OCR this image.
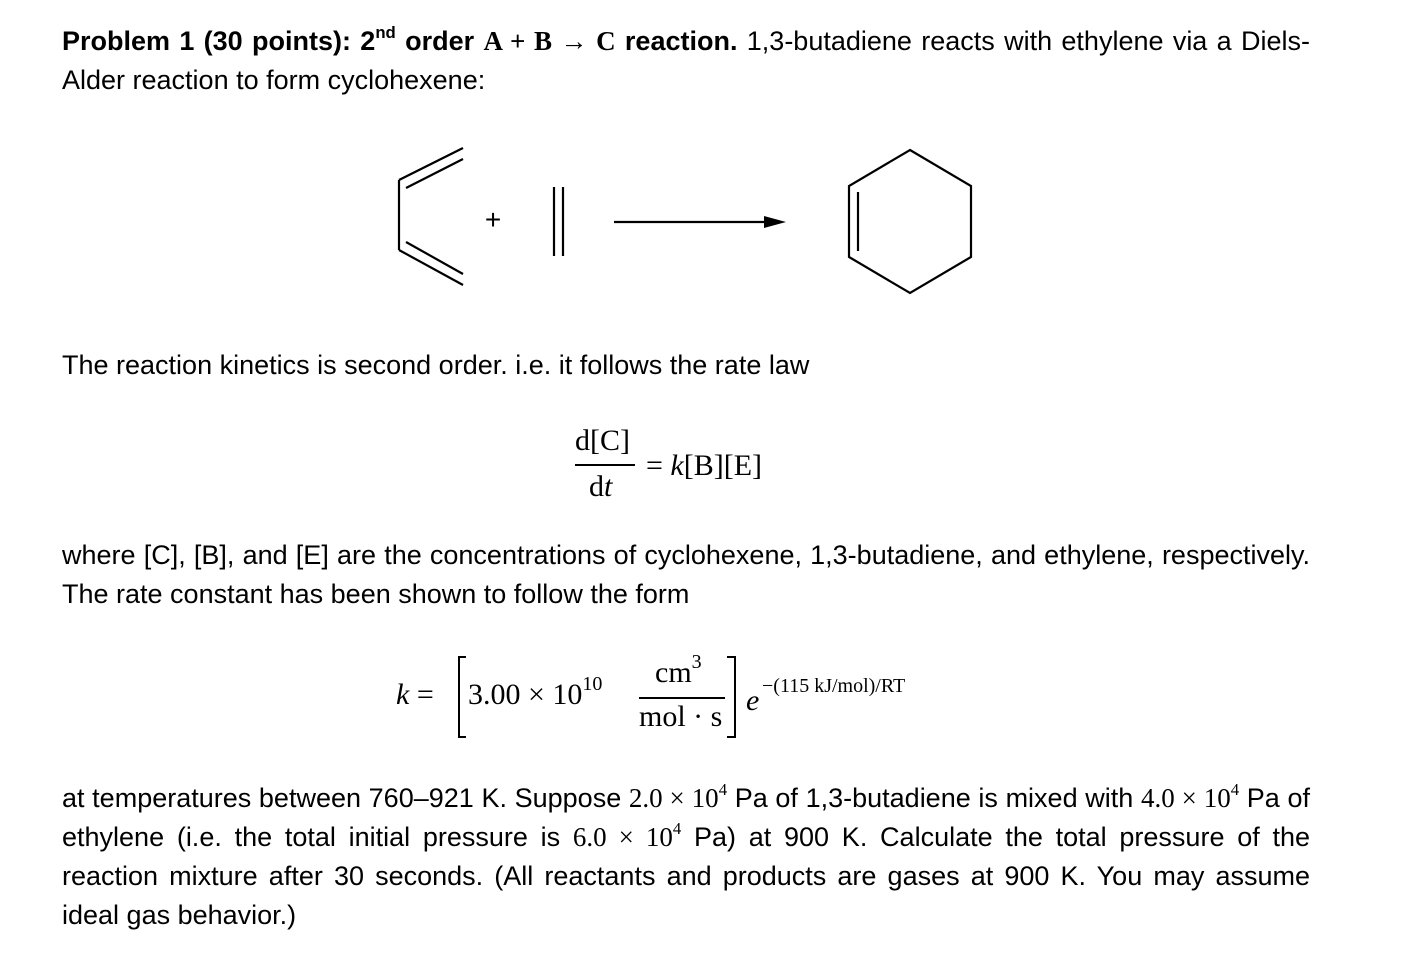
Problem 1 (30 points): 2nd order A + B → C reaction. 1,3-butadiene reacts with ethylene via a Diels-Alder reaction to form cyclohexene:
+
The reaction kinetics is second order. i.e. it follows the rate law
d[C]
dt
= k[B][E]
where [C], [B], and [E] are the concentrations of cyclohexene, 1,3-butadiene, and ethylene, respectively. The rate constant has been shown to follow the form
$k = 3.00 \times 10^{10}$ $cm^3$
mol · s e −(115 kJ/mol)/RT
at temperatures between 760–921 K. Suppose $2.0 \times 10^4$ Pa of 1,3-butadiene is mixed with $4.0 \times 10^4$ Pa of ethylene (i.e. the total initial pressure is $6.0 \times 10^4$ Pa) at 900 K. Calculate the total pressure of the reaction mixture after 30 seconds. (All reactants and products are gases at 900 K. You may assume ideal gas behavior.)
